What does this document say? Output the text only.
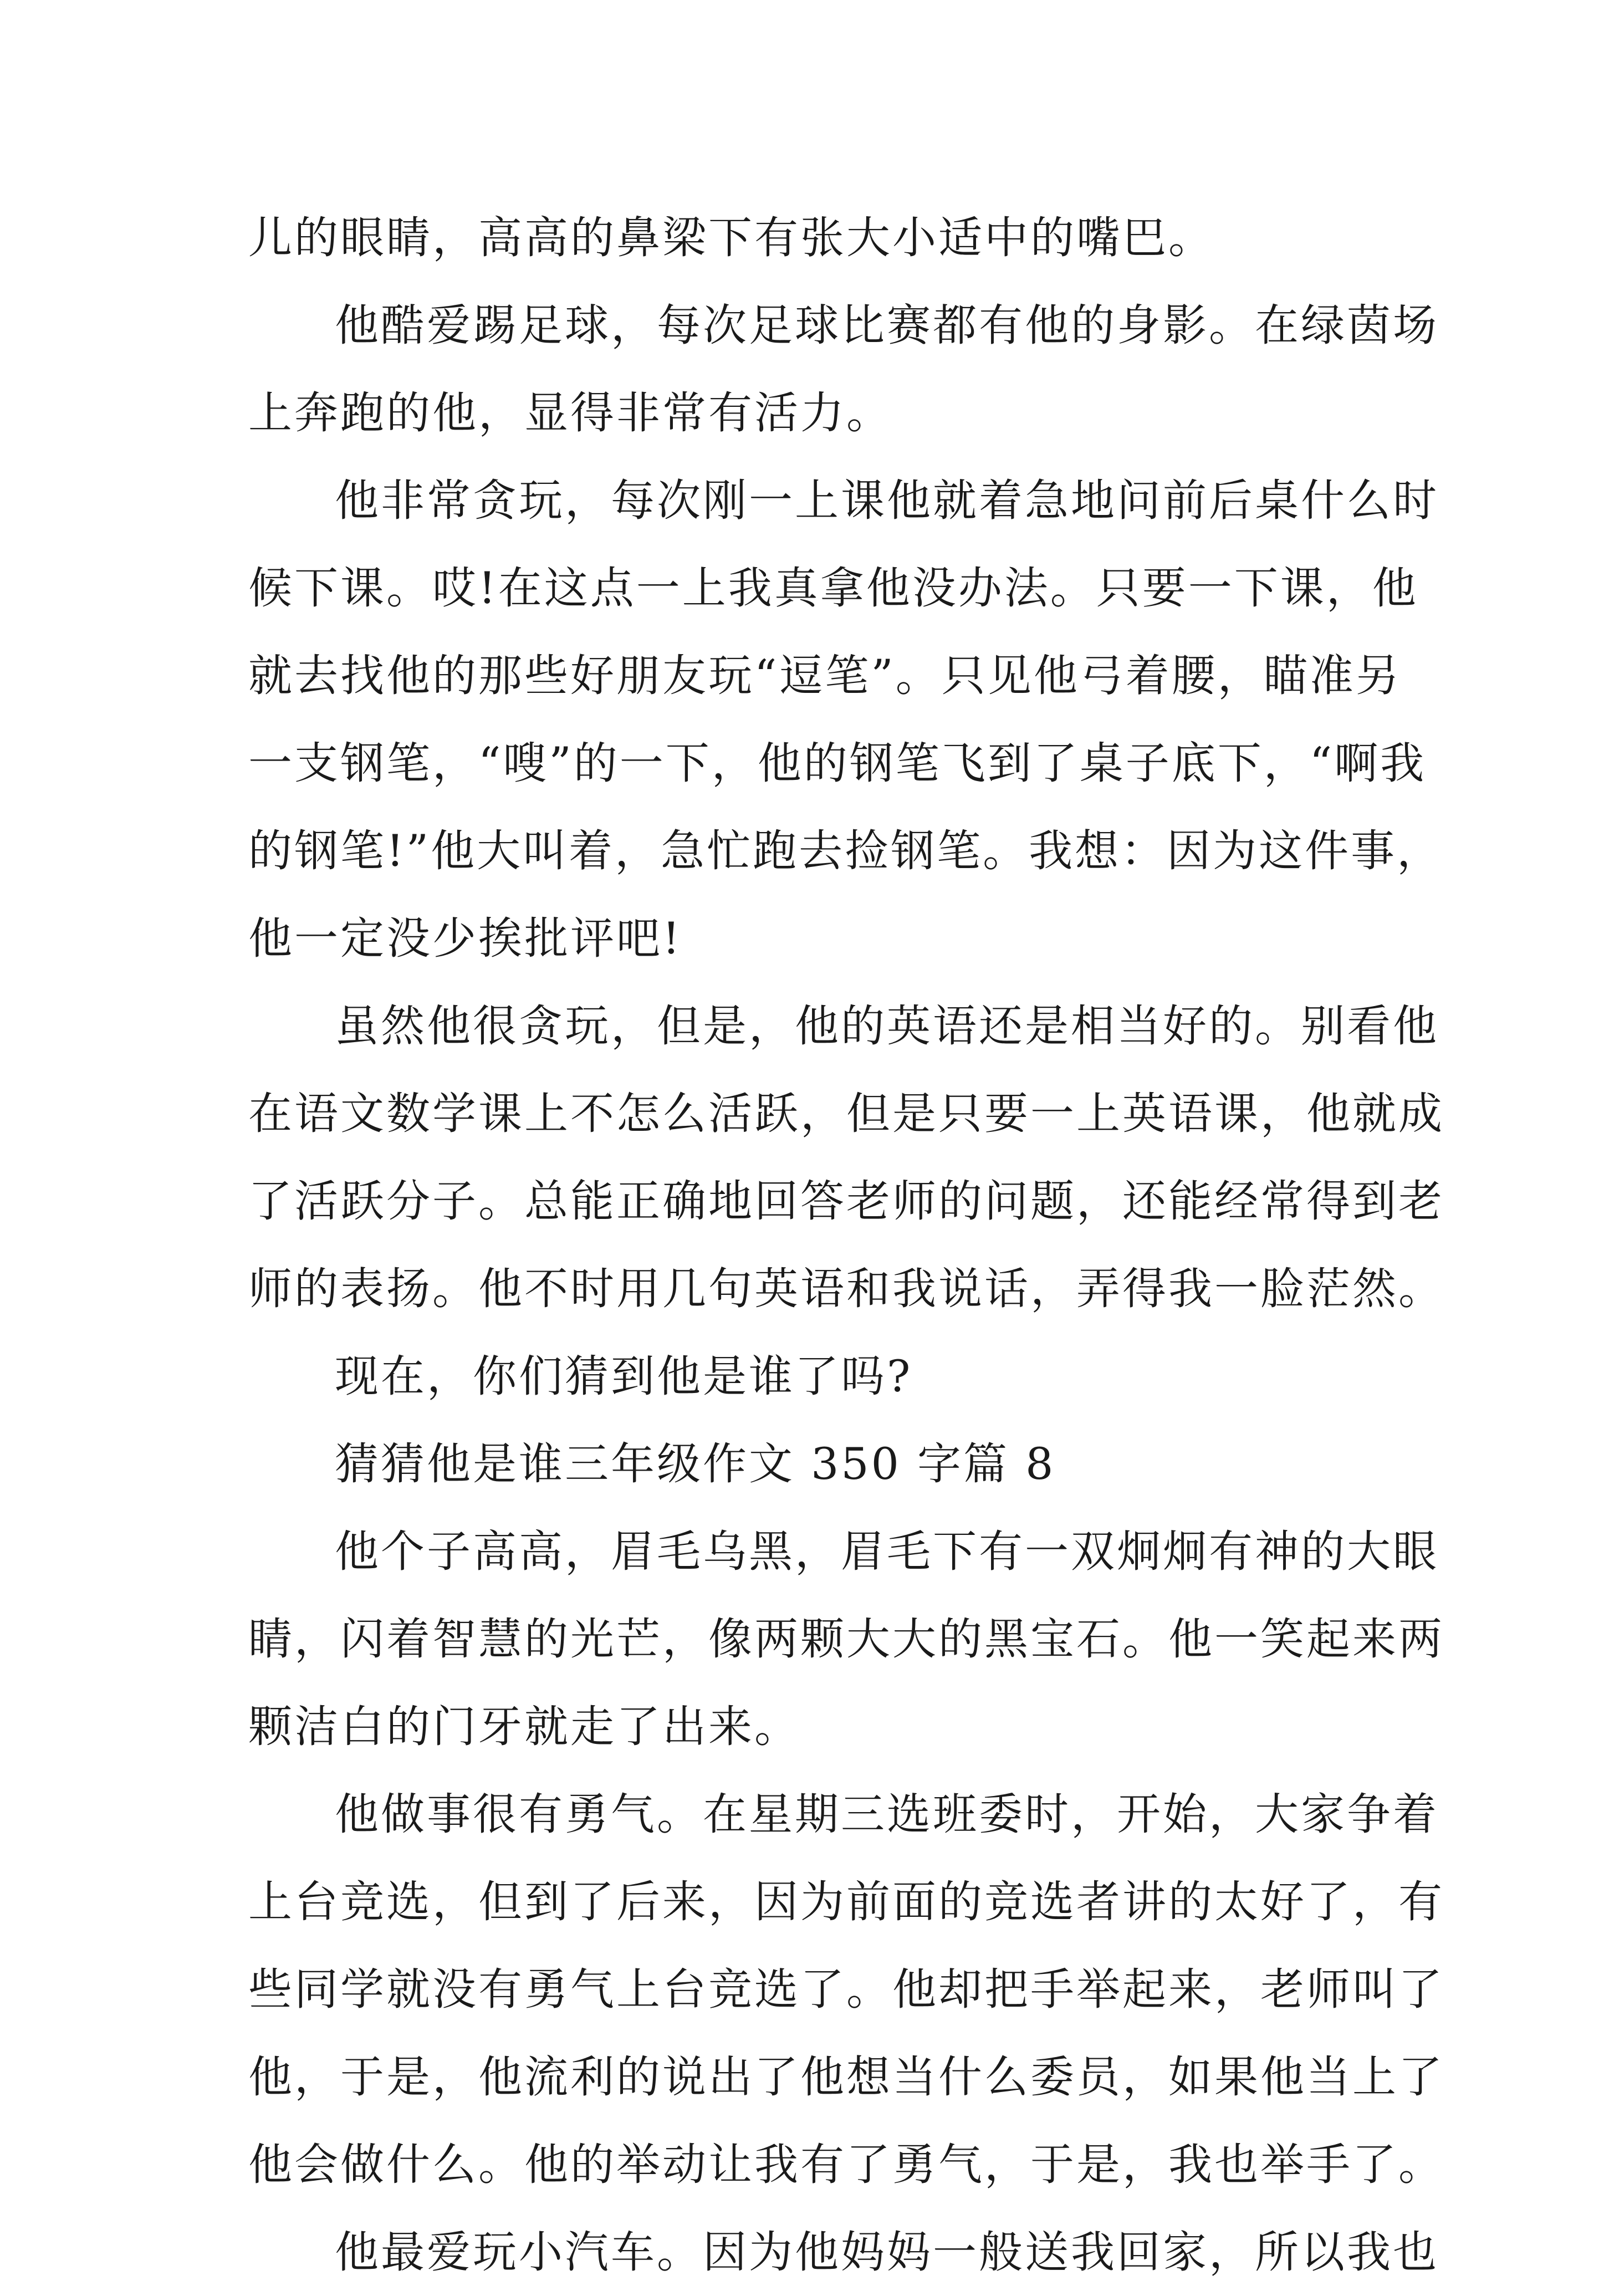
儿的眼睛，高高的鼻梁下有张大小适中的嘴巴。
他酷爱踢足球，每次足球比赛都有他的身影。在绿茵场
上奔跑的他，显得非常有活力。
他非常贪玩，每次刚一上课他就着急地问前后桌什么时
候下课。哎!在这点一上我真拿他没办法。只要一下课，他
就去找他的那些好朋友玩“逗笔”。只见他弓着腰，瞄准另
一支钢笔，“嗖”的一下，他的钢笔飞到了桌子底下，“啊我
的钢笔!”他大叫着，急忙跑去捡钢笔。我想：因为这件事，
他一定没少挨批评吧!
虽然他很贪玩，但是，他的英语还是相当好的。别看他
在语文数学课上不怎么活跃，但是只要一上英语课，他就成
了活跃分子。总能正确地回答老师的问题，还能经常得到老
师的表扬。他不时用几句英语和我说话，弄得我一脸茫然。
现在，你们猜到他是谁了吗?
猜猜他是谁三年级作文 350 字篇 8
他个子高高，眉毛乌黑，眉毛下有一双炯炯有神的大眼
睛，闪着智慧的光芒，像两颗大大的黑宝石。他一笑起来两
颗洁白的门牙就走了出来。
他做事很有勇气。在星期三选班委时，开始，大家争着
上台竞选，但到了后来，因为前面的竞选者讲的太好了，有
些同学就没有勇气上台竞选了。他却把手举起来，老师叫了
他，于是，他流利的说出了他想当什么委员，如果他当上了
他会做什么。他的举动让我有了勇气，于是，我也举手了。
他最爱玩小汽车。因为他妈妈一般送我回家，所以我也
